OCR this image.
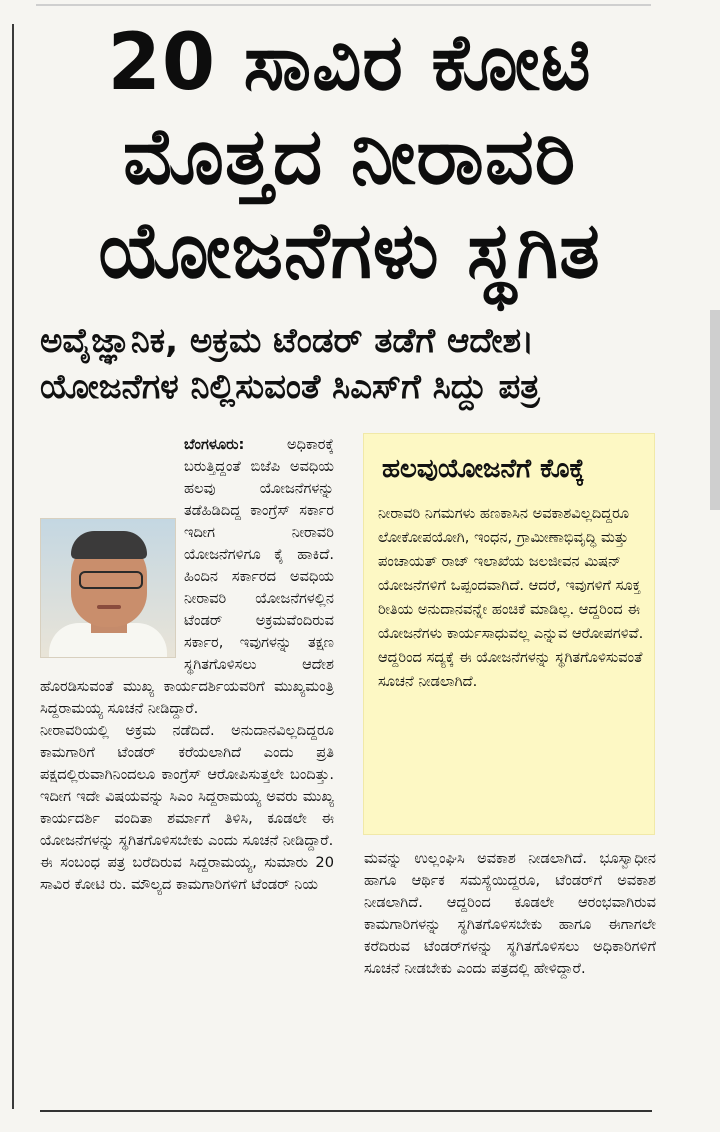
20 ಸಾವಿರ ಕೋಟಿ
ಮೊತ್ತದ ನೀರಾವರಿ
ಯೋಜನೆಗಳು ಸ್ಥಗಿತ
ಅವೈಜ್ಞಾನಿಕ, ಅಕ್ರಮ ಟೆಂಡರ್ ತಡೆಗೆ ಆದೇಶ।
ಯೋಜನೆಗಳ ನಿಲ್ಲಿಸುವಂತೆ ಸಿಎಸ್‌ಗೆ ಸಿದ್ದು ಪತ್ರ

ಬೆಂಗಳೂರು:	ಅಧಿಕಾರಕ್ಕೆ ಬರುತ್ತಿದ್ದಂತೆ ಬಿಜೆಪಿ ಅವಧಿಯ ಹಲವು ಯೋಜನೆಗಳನ್ನು ತಡೆಹಿಡಿದಿದ್ದ ಕಾಂಗ್ರೆಸ್ ಸರ್ಕಾರ ಇದೀಗ ನೀರಾವರಿ ಯೋಜನೆಗಳಿಗೂ ಕೈ ಹಾಕಿದೆ. ಹಿಂದಿನ ಸರ್ಕಾರದ ಅವಧಿಯ ನೀರಾವರಿ ಯೋಜನೆಗಳಲ್ಲಿನ ಟೆಂಡರ್ ಅಕ್ರಮವೆಂದಿರುವ ಸರ್ಕಾರ, ಇವುಗಳನ್ನು ತಕ್ಷಣ ಸ್ಥಗಿತಗೊಳಿಸಲು ಆದೇಶ ಹೊರಡಿಸುವಂತೆ ಮುಖ್ಯ ಕಾರ್ಯದರ್ಶಿಯವರಿಗೆ ಮುಖ್ಯಮಂತ್ರಿ ಸಿದ್ದರಾಮಯ್ಯ ಸೂಚನೆ ನೀಡಿದ್ದಾರೆ.

ನೀರಾವರಿಯಲ್ಲಿ ಅಕ್ರಮ ನಡೆದಿದೆ. ಅನುದಾನವಿಲ್ಲದಿದ್ದರೂ ಕಾಮಗಾರಿಗೆ ಟೆಂಡರ್ ಕರೆಯಲಾಗಿದೆ ಎಂದು ಪ್ರತಿ ಪಕ್ಷದಲ್ಲಿರುವಾಗಿನಿಂದಲೂ ಕಾಂಗ್ರೆಸ್ ಆರೋಪಿಸುತ್ತಲೇ ಬಂದಿತ್ತು. ಇದೀಗ ಇದೇ ವಿಷಯವನ್ನು ಸಿಎಂ ಸಿದ್ದರಾಮಯ್ಯ ಅವರು ಮುಖ್ಯ ಕಾರ್ಯದರ್ಶಿ ವಂದಿತಾ ಶರ್ಮಾಗೆ ತಿಳಿಸಿ, ಕೂಡಲೇ ಈ ಯೋಜನೆಗಳನ್ನು ಸ್ಥಗಿತಗೊಳಿಸಬೇಕು ಎಂದು ಸೂಚನೆ ನೀಡಿದ್ದಾರೆ.

ಈ ಸಂಬಂಧ ಪತ್ರ ಬರೆದಿರುವ ಸಿದ್ದರಾಮಯ್ಯ, ಸುಮಾರು 20 ಸಾವಿರ ಕೋಟಿ ರು. ಮೌಲ್ಯದ ಕಾಮಗಾರಿಗಳಿಗೆ ಟೆಂಡರ್ ನಿಯ

ಹಲವುಯೋಜನೆಗೆ ಕೊಕ್ಕೆ

ನೀರಾವರಿ ನಿಗಮಗಳು ಹಣಕಾಸಿನ ಅವಕಾಶವಿಲ್ಲದಿದ್ದರೂ ಲೋಕೋಪಯೋಗಿ, ಇಂಧನ, ಗ್ರಾಮೀಣಾಭಿವೃದ್ಧಿ ಮತ್ತು ಪಂಚಾಯತ್ ರಾಜ್ ಇಲಾಖೆಯ ಜಲಜೀವನ ಮಿಷನ್ ಯೋಜನೆಗಳಿಗೆ ಒಪ್ಪಂದವಾಗಿದೆ. ಆದರೆ, ಇವುಗಳಿಗೆ ಸೂಕ್ತ ರೀತಿಯ ಅನುದಾನವನ್ನೇ ಹಂಚಿಕೆ ಮಾಡಿಲ್ಲ. ಆದ್ದರಿಂದ ಈ ಯೋಜನೆಗಳು ಕಾರ್ಯಸಾಧುವಲ್ಲ ಎನ್ನುವ ಆರೋಪಗಳಿವೆ. ಆದ್ದರಿಂದ ಸದ್ಯಕ್ಕೆ ಈ ಯೋಜನೆಗಳನ್ನು ಸ್ಥಗಿತಗೊಳಿಸುವಂತೆ ಸೂಚನೆ ನೀಡಲಾಗಿದೆ.

ಮವನ್ನು ಉಲ್ಲಂಘಿಸಿ ಅವಕಾಶ ನೀಡಲಾಗಿದೆ. ಭೂಸ್ವಾಧೀನ ಹಾಗೂ ಆರ್ಥಿಕ ಸಮಸ್ಯೆಯಿದ್ದರೂ, ಟೆಂಡರ್‌ಗೆ ಅವಕಾಶ ನೀಡಲಾಗಿದೆ. ಆದ್ದರಿಂದ ಕೂಡಲೇ ಆರಂಭವಾಗಿರುವ ಕಾಮಗಾರಿಗಳನ್ನು ಸ್ಥಗಿತಗೊಳಿಸಬೇಕು ಹಾಗೂ ಈಗಾಗಲೇ ಕರೆದಿರುವ ಟೆಂಡರ್‌ಗಳನ್ನು ಸ್ಥಗಿತಗೊಳಿಸಲು ಅಧಿಕಾರಿಗಳಿಗೆ ಸೂಚನೆ ನೀಡಬೇಕು ಎಂದು ಪತ್ರದಲ್ಲಿ ಹೇಳಿದ್ದಾರೆ.
